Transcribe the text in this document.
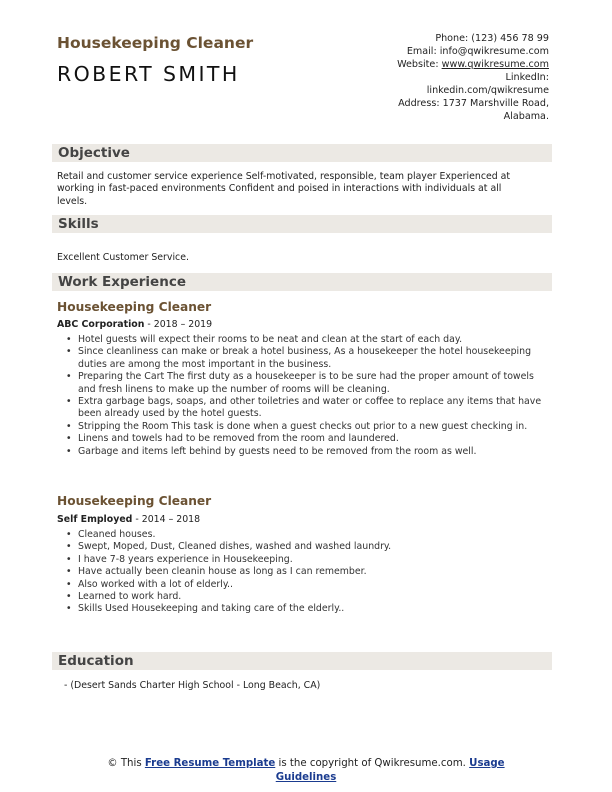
Housekeeping Cleaner
ROBERT SMITH
Phone: (123) 456 78 99
Email: info@qwikresume.com
Website: www.qwikresume.com
LinkedIn:
linkedin.com/qwikresume
Address: 1737 Marshville Road,
Alabama.
Objective
Retail and customer service experience Self-motivated, responsible, team player Experienced at
working in fast-paced environments Confident and poised in interactions with individuals at all
levels.
Skills
Excellent Customer Service.
Work Experience
Housekeeping Cleaner
ABC Corporation - 2018 – 2019
• Hotel guests will expect their rooms to be neat and clean at the start of each day.
• Since cleanliness can make or break a hotel business, As a housekeeper the hotel housekeeping duties are among the most important in the business.
• Preparing the Cart The first duty as a housekeeper is to be sure had the proper amount of towels and fresh linens to make up the number of rooms will be cleaning.
• Extra garbage bags, soaps, and other toiletries and water or coffee to replace any items that have been already used by the hotel guests.
• Stripping the Room This task is done when a guest checks out prior to a new guest checking in.
• Linens and towels had to be removed from the room and laundered.
• Garbage and items left behind by guests need to be removed from the room as well.
Housekeeping Cleaner
Self Employed - 2014 – 2018
• Cleaned houses.
• Swept, Moped, Dust, Cleaned dishes, washed and washed laundry.
• I have 7-8 years experience in Housekeeping.
• Have actually been cleanin house as long as I can remember.
• Also worked with a lot of elderly..
• Learned to work hard.
• Skills Used Housekeeping and taking care of the elderly..
Education
- (Desert Sands Charter High School - Long Beach, CA)
© This Free Resume Template is the copyright of Qwikresume.com. Usage
Guidelines
